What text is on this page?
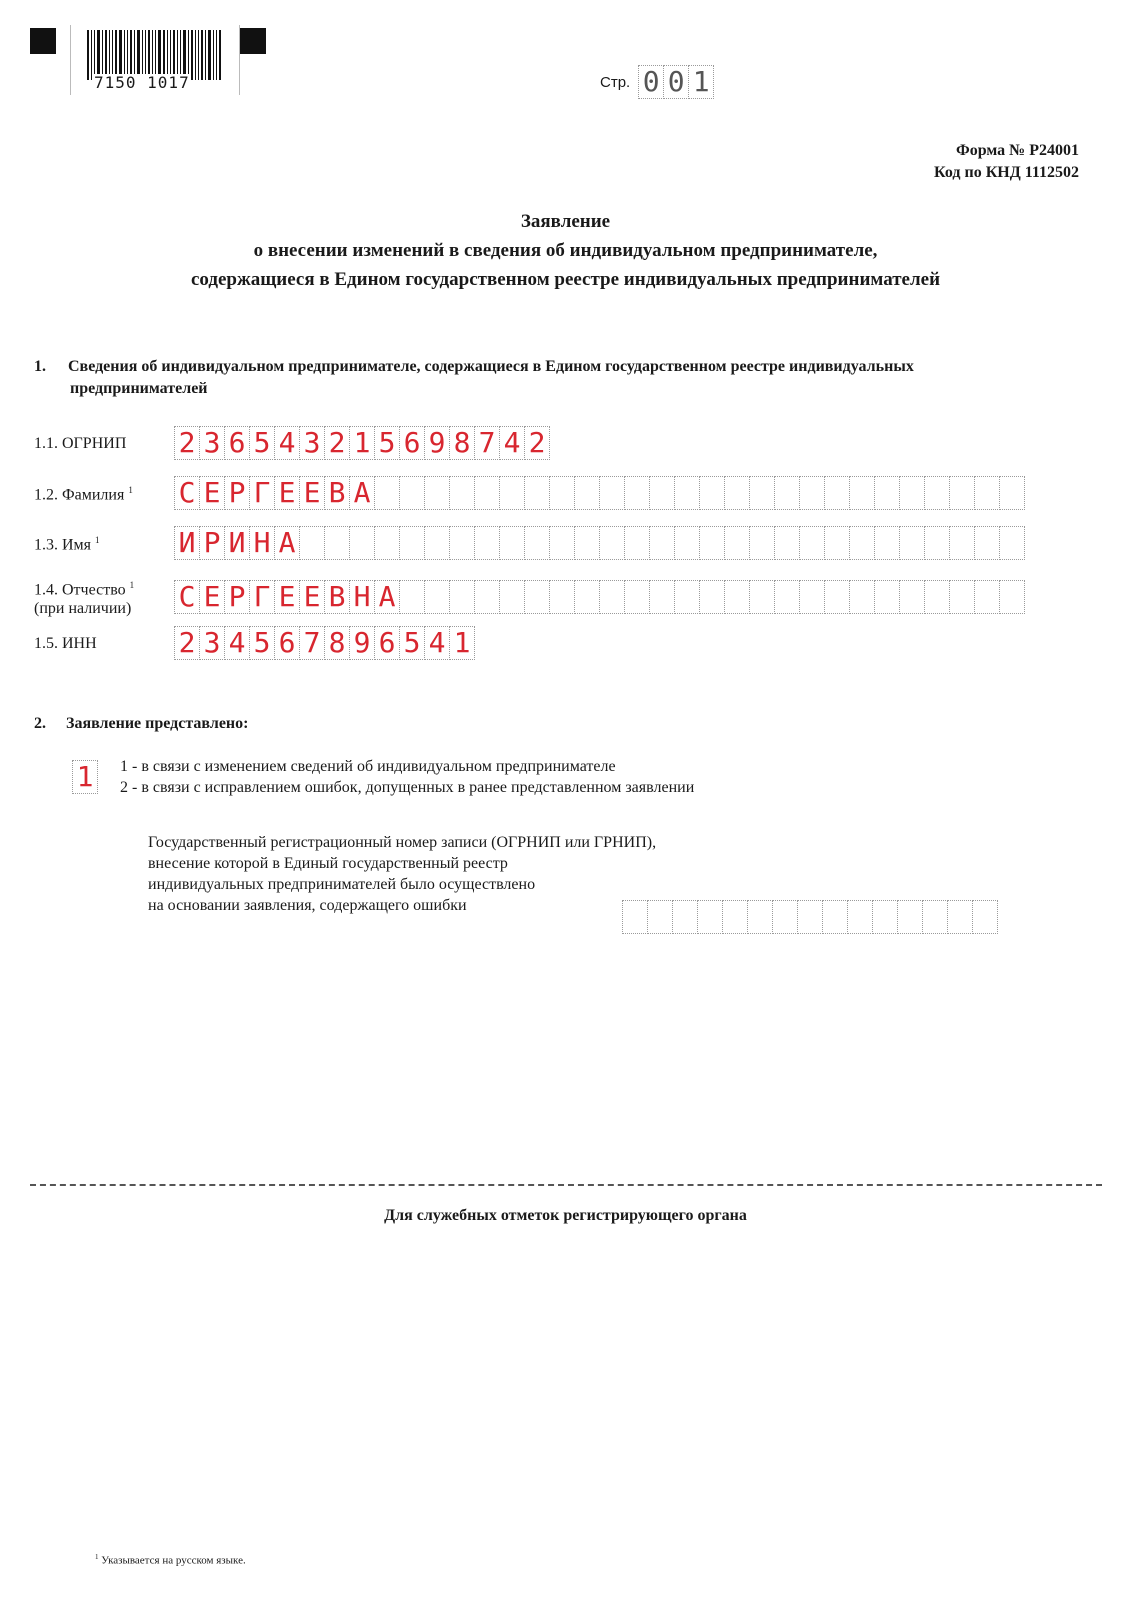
7150 1017	Стр. 0 0 1
Форма № Р24001
Код по КНД 1112502
Заявление
о внесении изменений в сведения об индивидуальном предпринимателе,
содержащиеся в Едином государственном реестре индивидуальных предпринимателей
1. Сведения об индивидуальном предпринимателе, содержащиеся в Едином государственном реестре индивидуальных
предпринимателей
1.1. ОГРНИП	2 3 6 5 4 3 2 1 5 6 9 8 7 4 2
1.2. Фамилия $^1$	С Е Р Г Е Е В А
1.3. Имя $^1$	И Р И Н А
1.4. Отчество $^1$
(при наличии)	С Е Р Г Е Е В Н А
1.5. ИНН	2 3 4 5 6 7 8 9 6 5 4 1
2. Заявление представлено:
1 1 - в связи с изменением сведений об индивидуальном предпринимателе
2 - в связи с исправлением ошибок, допущенных в ранее представленном заявлении
Государственный регистрационный номер записи (ОГРНИП или ГРНИП),
внесение которой в Единый государственный реестр
индивидуальных предпринимателей было осуществлено
на основании заявления, содержащего ошибки
Для служебных отметок регистрирующего органа
$^1$ Указывается на русском языке.
